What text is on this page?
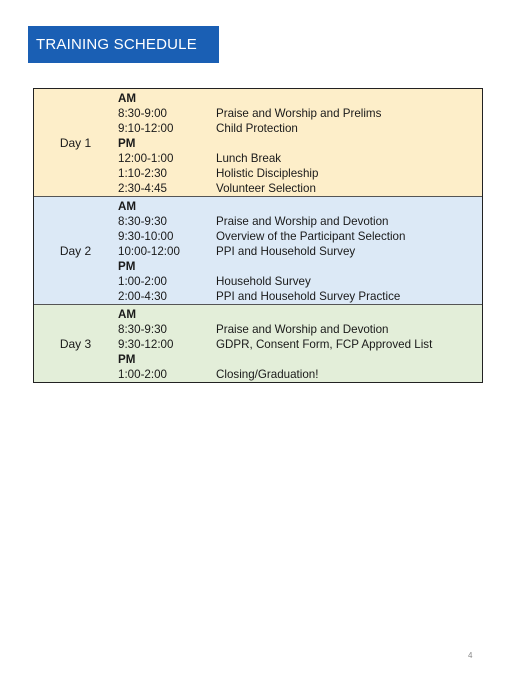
TRAINING SCHEDULE
Day 1
AM
8:30-9:00	Praise and Worship and Prelims
9:10-12:00	Child Protection
PM
12:00-1:00	Lunch Break
1:10-2:30	Holistic Discipleship
2:30-4:45	Volunteer Selection
Day 2
AM
8:30-9:30	Praise and Worship and Devotion
9:30-10:00	Overview of the Participant Selection
10:00-12:00	PPI and Household Survey
PM
1:00-2:00	Household Survey
2:00-4:30	PPI and Household Survey Practice
Day 3
AM
8:30-9:30	Praise and Worship and Devotion
9:30-12:00	GDPR, Consent Form, FCP Approved List
PM
1:00-2:00	Closing/Graduation!
4
